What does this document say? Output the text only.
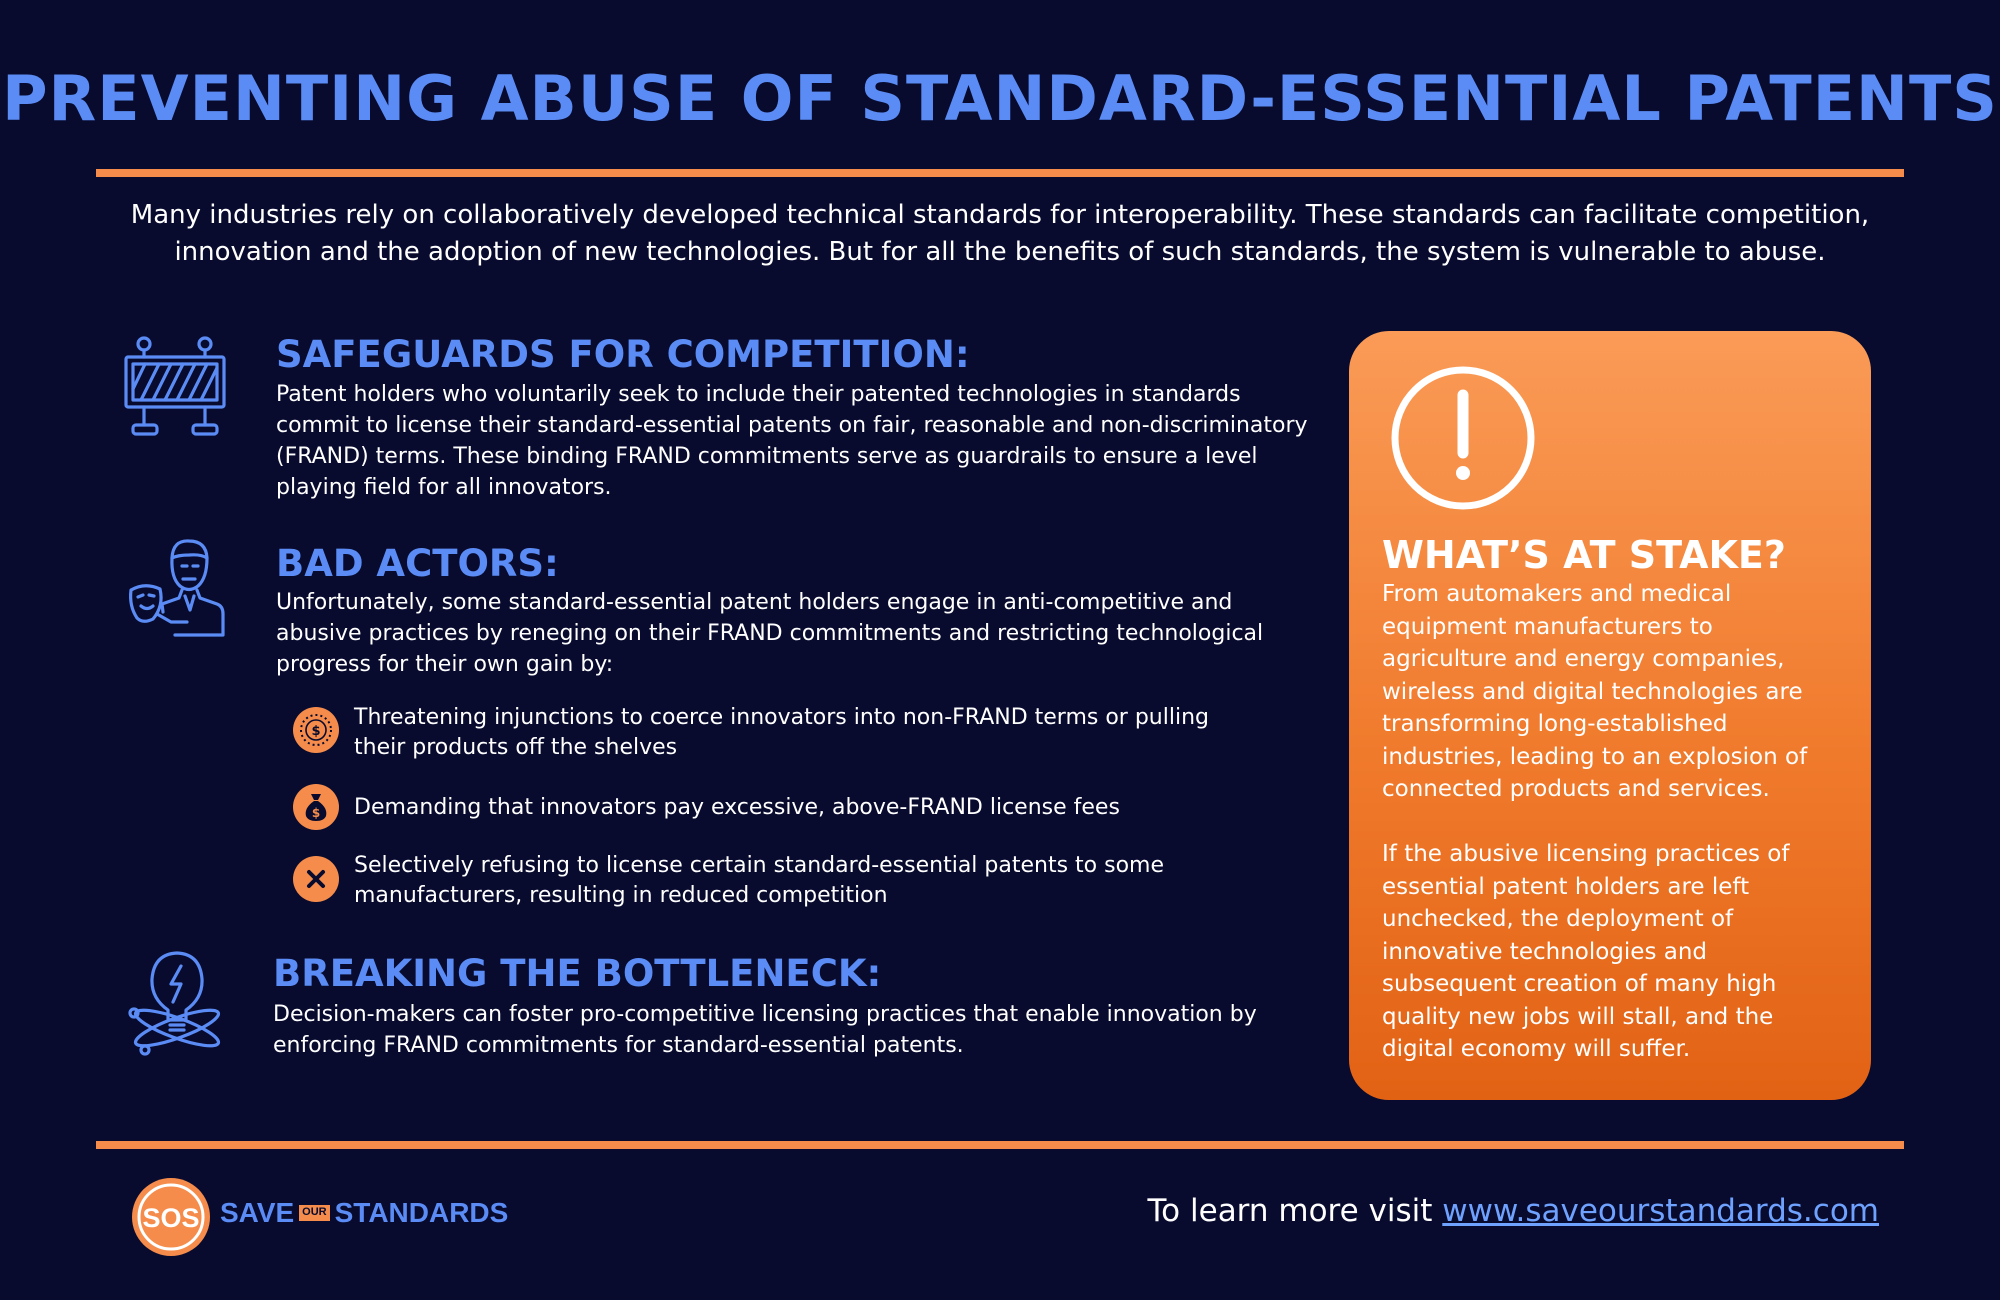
PREVENTING ABUSE OF STANDARD-ESSENTIAL PATENTS
Many industries rely on collaboratively developed technical standards for interoperability. These standards can facilitate competition, innovation and the adoption of new technologies. But for all the benefits of such standards, the system is vulnerable to abuse.
SAFEGUARDS FOR COMPETITION:
Patent holders who voluntarily seek to include their patented technologies in standards commit to license their standard-essential patents on fair, reasonable and non-discriminatory (FRAND) terms. These binding FRAND commitments serve as guardrails to ensure a level playing field for all innovators.
BAD ACTORS:
Unfortunately, some standard-essential patent holders engage in anti-competitive and abusive practices by reneging on their FRAND commitments and restricting technological progress for their own gain by:
$
Threatening injunctions to coerce innovators into non-FRAND terms or pulling their products off the shelves
$ Demanding that innovators pay excessive, above-FRAND license fees
Selectively refusing to license certain standard-essential patents to some manufacturers, resulting in reduced competition
BREAKING THE BOTTLENECK:
Decision-makers can foster pro-competitive licensing practices that enable innovation by enforcing FRAND commitments for standard-essential patents.
WHAT’S AT STAKE?
From automakers and medical equipment manufacturers to agriculture and energy companies, wireless and digital technologies are transforming long-established industries, leading to an explosion of connected products and services.
If the abusive licensing practices of essential patent holders are left unchecked, the deployment of innovative technologies and subsequent creation of many high quality new jobs will stall, and the digital economy will suffer.
SOS SAVE OUR STANDARDS	To learn more visit www.saveourstandards.com
